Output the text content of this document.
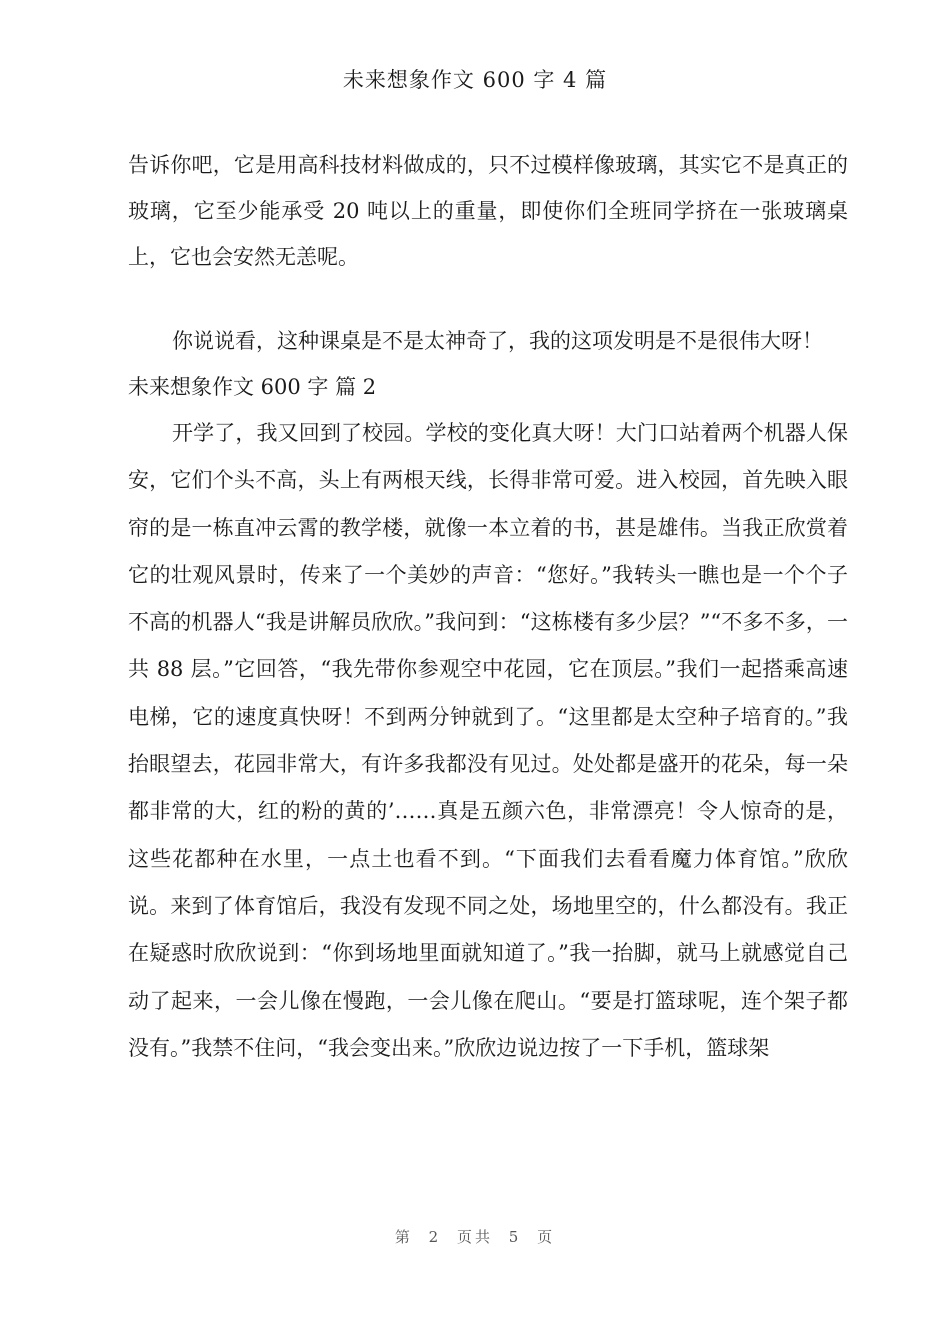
未来想象作文 600 字 4 篇

告诉你吧，它是用高科技材料做成的，只不过模样像玻璃，其实它不是真正的玻璃，它至少能承受 20 吨以上的重量，即使你们全班同学挤在一张玻璃桌上，它也会安然无恙呢。

你说说看，这种课桌是不是太神奇了，我的这项发明是不是很伟大呀！

未来想象作文 600 字 篇 2

开学了，我又回到了校园。学校的变化真大呀！大门口站着两个机器人保安，它们个头不高，头上有两根天线，长得非常可爱。进入校园，首先映入眼帘的是一栋直冲云霄的教学楼，就像一本立着的书，甚是雄伟。当我正欣赏着它的壮观风景时，传来了一个美妙的声音：“您好。”我转头一瞧也是一个个子不高的机器人“我是讲解员欣欣。”我问到：“这栋楼有多少层？”“不多不多，一共 88 层。”它回答，“我先带你参观空中花园，它在顶层。”我们一起搭乘高速电梯，它的速度真快呀！不到两分钟就到了。“这里都是太空种子培育的。”我抬眼望去，花园非常大，有许多我都没有见过。处处都是盛开的花朵，每一朵都非常的大，红的粉的黄的’……真是五颜六色，非常漂亮！令人惊奇的是，这些花都种在水里，一点土也看不到。“下面我们去看看魔力体育馆。”欣欣说。来到了体育馆后，我没有发现不同之处，场地里空的，什么都没有。我正在疑惑时欣欣说到：“你到场地里面就知道了。”我一抬脚，就马上就感觉自己动了起来，一会儿像在慢跑，一会儿像在爬山。“要是打篮球呢，连个架子都没有。”我禁不住问，“我会变出来。”欣欣边说边按了一下手机，篮球架

第 2 页共 5 页
